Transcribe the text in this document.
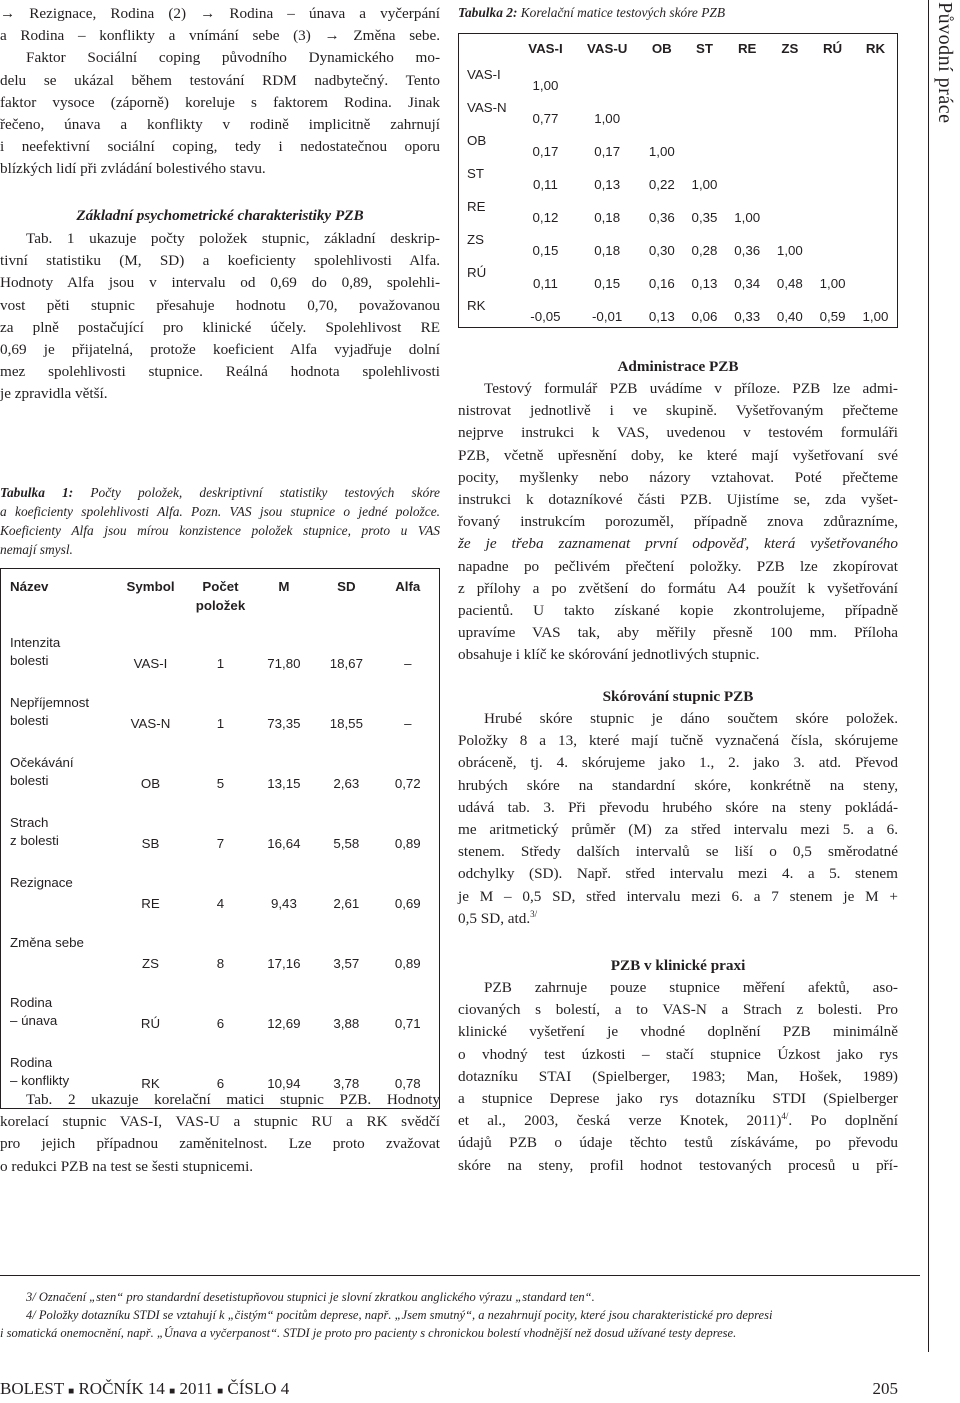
→ Rezignace, Rodina (2) → Rodina – únava a vyčerpání
a Rodina – konflikty a vnímání sebe (3) → Změna sebe.
Faktor Sociální coping původního Dynamického mo-
delu se ukázal během testování RDM nadbytečný. Tento
faktor vysoce (záporně) koreluje s faktorem Rodina. Jinak
řečeno, únava a konflikty v rodině implicitně zahrnují
i neefektivní sociální coping, tedy i nedostatečnou oporu
blízkých lidí při zvládání bolestivého stavu.
Základní psychometrické charakteristiky PZB
Tab. 1 ukazuje počty položek stupnic, základní deskrip-
tivní statistiku (M, SD) a koeficienty spolehlivosti Alfa.
Hodnoty Alfa jsou v intervalu od 0,69 do 0,89, spolehli-
vost pěti stupnic přesahuje hodnotu 0,70, považovanou
za plně postačující pro klinické účely. Spolehlivost RE
0,69 je přijatelná, protože koeficient Alfa vyjadřuje dolní
mez spolehlivosti stupnice. Reálná hodnota spolehlivosti
je zpravidla větší.
Tabulka 1: Počty položek, deskriptivní statistiky testových skóre
a koeficienty spolehlivosti Alfa. Pozn. VAS jsou stupnice o jedné položce.
Koeficienty Alfa jsou mírou konzistence položek stupnice, proto u VAS
nemají smysl.
Název	Symbol	Počet
položek	M	SD	Alfa
Intenzita
bolesti	VAS-I	1	71,80	18,67	–
Nepříjemnost
bolesti	VAS-N	1	73,35	18,55	–
Očekávání
bolesti	OB	5	13,15	2,63	0,72
Strach
z bolesti	SB	7	16,64	5,58	0,89
Rezignace	RE	4	9,43	2,61	0,69
Změna sebe	ZS	8	17,16	3,57	0,89
Rodina
– únava	RÚ	6	12,69	3,88	0,71
Rodina
– konflikty	RK	6	10,94	3,78	0,78
Tab. 2 ukazuje korelační matici stupnic PZB. Hodnoty
korelací stupnic VAS-I, VAS-U a stupnic RU a RK svědčí
pro jejich případnou zaměnitelnost. Lze proto zvažovat
o redukci PZB na test se šesti stupnicemi.
Tabulka 2: Korelační matice testových skóre PZB
	VAS-I	VAS-U	OB	ST	RE	ZS	RÚ	RK
VAS-I	1,00							
VAS-N	0,77	1,00						
OB	0,17	0,17	1,00					
ST	0,11	0,13	0,22	1,00				
RE	0,12	0,18	0,36	0,35	1,00			
ZS	0,15	0,18	0,30	0,28	0,36	1,00		
RÚ	0,11	0,15	0,16	0,13	0,34	0,48	1,00	
RK	-0,05	-0,01	0,13	0,06	0,33	0,40	0,59	1,00
Administrace PZB
Testový formulář PZB uvádíme v příloze. PZB lze admi-
nistrovat jednotlivě i ve skupině. Vyšetřovaným přečteme
nejprve instrukci k VAS, uvedenou v testovém formuláři
PZB, včetně upřesnění doby, ke které mají vyšetřovaní své
pocity, myšlenky nebo názory vztahovat. Poté přečteme
instrukci k dotazníkové části PZB. Ujistíme se, zda vyšet-
řovaný instrukcím porozuměl, případně znova zdůrazníme,
že je třeba zaznamenat první odpověď, která vyšetřovaného
napadne po pečlivém přečtení položky. PZB lze zkopírovat
z přílohy a po zvětšení do formátu A4 použít k vyšetřování
pacientů. U takto získané kopie zkontrolujeme, případně
upravíme VAS tak, aby měřily přesně 100 mm. Příloha
obsahuje i klíč ke skórování jednotlivých stupnic.
Skórování stupnic PZB
Hrubé skóre stupnic je dáno součtem skóre položek.
Položky 8 a 13, které mají tučně vyznačená čísla, skórujeme
obráceně, tj. 4. skórujeme jako 1., 2. jako 3. atd. Převod
hrubých skóre na standardní skóre, konkrétně na steny,
udává tab. 3. Při převodu hrubého skóre na steny pokládá-
me aritmetický průměr (M) za střed intervalu mezi 5. a 6.
stenem. Středy dalších intervalů se liší o 0,5 směrodatné
odchylky (SD). Např. střed intervalu mezi 4. a 5. stenem
je M – 0,5 SD, střed intervalu mezi 6. a 7 stenem je M +
0,5 SD, atd.$^{3/}$
PZB v klinické praxi
PZB zahrnuje pouze stupnice měření afektů, aso-
ciovaných s bolestí, a to VAS-N a Strach z bolesti. Pro
klinické vyšetření je vhodné doplnění PZB minimálně
o vhodný test úzkosti – stačí stupnice Úzkost jako rys
dotazníku STAI (Spielberger, 1983; Man, Hošek, 1989)
a stupnice Deprese jako rys dotazníku STDI (Spielberger
et al., 2003, česká verze Knotek, 2011)$^{4/}$. Po doplnění
údajů PZB o údaje těchto testů získáváme, po převodu
skóre na steny, profil hodnot testovaných procesů u pří-
Původní práce
3/ Označení „sten“ pro standardní desetistupňovou stupnici je slovní zkratkou anglického výrazu „standard ten“.
4/ Položky dotazníku STDI se vztahují k „čistým“ pocitům deprese, např. „Jsem smutný“, a nezahrnují pocity, které jsou charakteristické pro depresi
i somatická onemocnění, např. „Únava a vyčerpanost“. STDI je proto pro pacienty s chronickou bolestí vhodnější než dosud užívané testy deprese.
BOLEST ■ ROČNÍK 14 ■ 2011 ■ ČÍSLO 4	205
